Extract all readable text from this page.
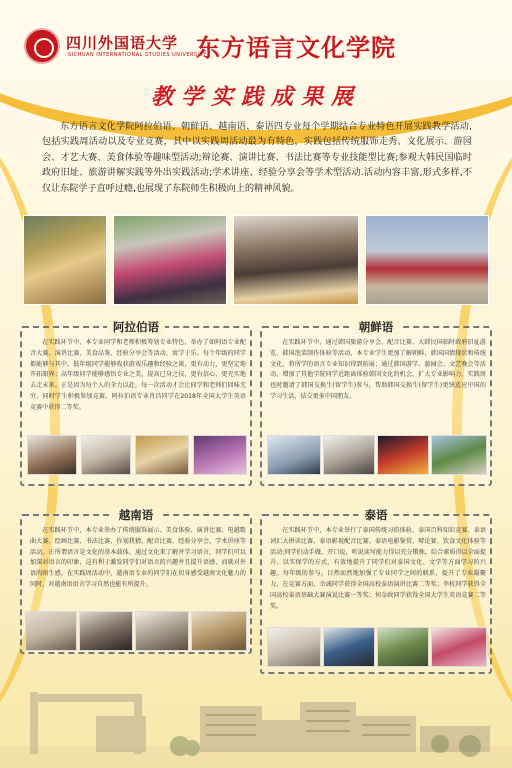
四川外国语大学
SICHUAN INTERNATIONAL STUDIES UNIVERSITY
东方语言文化学院
教学实践成果展
东方语言文化学院阿拉伯语、朝鲜语、越南语、泰语四专业每个学期结合专业特色开展实践教学活动,包括实践周活动以及专业竞赛，其中以实践周活动最为有特色，实践包括传统服饰走秀、文化展示、游园会、才艺大赛、美食体验等趣味型活动;辩论赛、演讲比赛、书法比赛等专业技能型比赛;参观大韩民国临时政府旧址、旅游讲解实践等外出实践活动;学术讲座、经验分享会等学术型活动.活动内容丰富,形式多样,不仅让东院学子直呼过瘾,也展现了东院师生积极向上的精神风貌。
阿拉伯语
在实践环节中，本专业同学和老师积极筹划专业特色，举办了如阿语专业配音大赛、演讲比赛、美食品鉴、经验分享会等活动，寓学于乐。每个年级的同学都能够与其中，低年级同学能够收获游戏乐趣和经验之谈，更有动力，更坚定地开拓眼界；高年级同学能够感悟专业之美，提高已身之技，更有信心，更充实地去走未来。正是因为每个人的全力以赴，每一次活动才会让同学和老师们回味无穷。同时学生积极参加竞赛，阿拉伯语专业肖昌同学在2018年全国大学生英语竞赛中获得二等奖。
朝鲜语
在实践环节中，通过韩国旅游分享会、配音比赛、大韩民国临时政府旧址游览、韩国泡菜制作体验等活动，本专业学生更加了解朝鲜、韩国国情现状和传统文化，将所学的语言专业知识得到拓展；通过韩国游学、游园会、文艺晚会等活动，增加了其他学院同学近距离体验韩国文化的机会，扩大专业影响力。实践周也时邀请了韩国交换生(留学生)参与，帮助韩国交换生(留学生)更快适应中国的学习生活，结交更多中国朋友。
越南语
在实践环节中，本专业举办了传统服饰展示、美食体验、演讲比赛、电越歌曲大赛、绘画比赛、书法比赛、你划我猜、配音比赛、经验分享会、学术讲座等活动。正所谓语言是文化的基本载体，通过文化来了解并学习语言，同学们可以加深对语言的印象，这有利于激发同学们对语言的兴趣并且提升语感，而就对外语的陌生感。在实践周活动中，越南语专业的同学们在切身感受越南文化魅力的同时，对越南语语言学习自然也能有所提升。
泰语
在实践环节中，本专业举行了泰国传统习俗体验、泰国百科知识竞赛、泰语词汇大拼读比赛、泰语影视配音比赛、泰语电影鉴赏、辩论赛、饮食文化体验等活动;同学们动手做、开口说，听说读写能力得以充分锻炼，综合素质得以全面提升。以实保学的方式，有效地提升了同学们对泰国文化、文学等方面学习的兴趣。每年级的参与，目然而然地加强了专业同学之间的联系，提升了专业凝聚力。在竞赛方面，余诚同学获得全国高校泰语演讲比赛二等奖；李杭同学获得全国高校泰语基础大赛演说比赛一等奖；何金政同学获得全国大学生英语竞赛二等奖。
